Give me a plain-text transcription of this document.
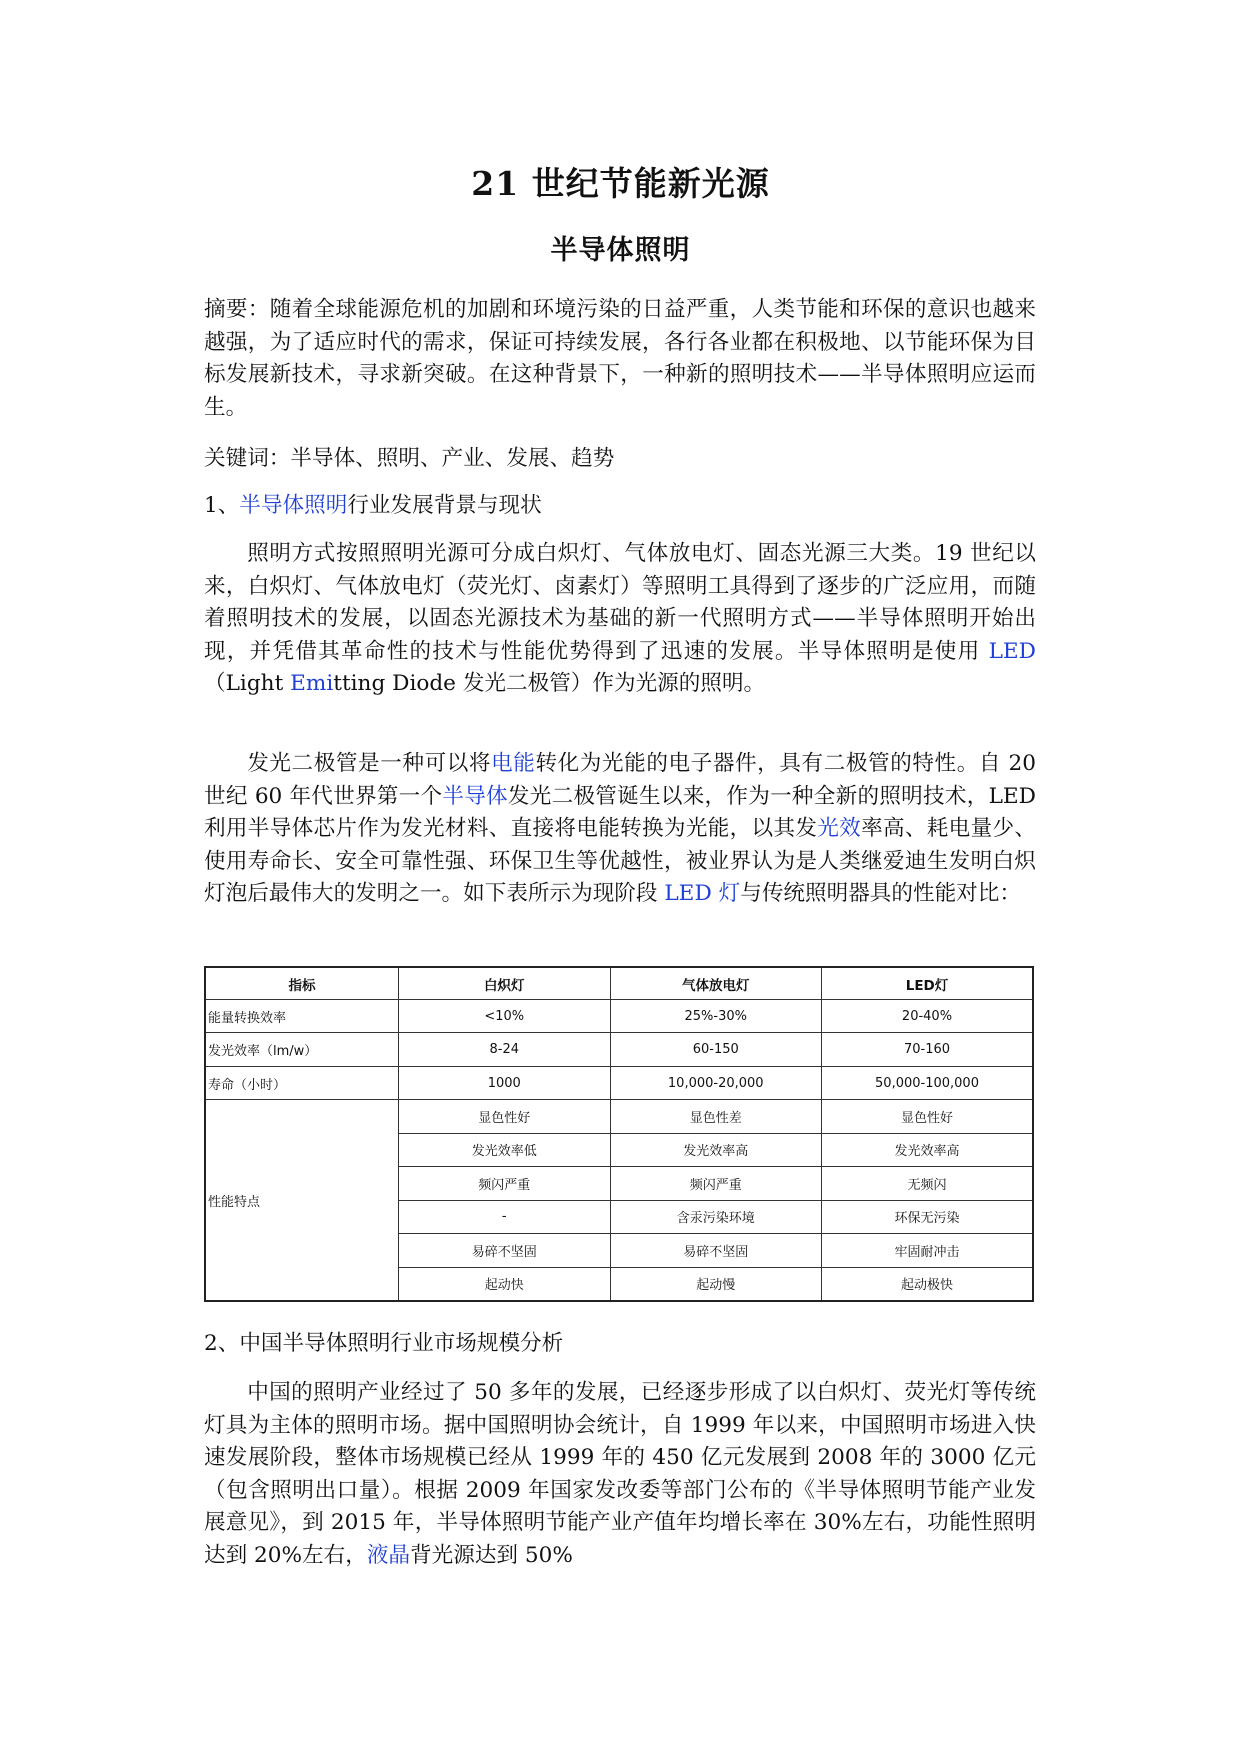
21 世纪节能新光源
半导体照明

摘要：随着全球能源危机的加剧和环境污染的日益严重，人类节能和环保的意识也越来越强，为了适应时代的需求，保证可持续发展，各行各业都在积极地、以节能环保为目标发展新技术，寻求新突破。在这种背景下，一种新的照明技术——半导体照明应运而生。

关键词：半导体、照明、产业、发展、趋势

1、半导体照明行业发展背景与现状

照明方式按照照明光源可分成白炽灯、气体放电灯、固态光源三大类。19 世纪以来，白炽灯、气体放电灯（荧光灯、卤素灯）等照明工具得到了逐步的广泛应用，而随着照明技术的发展，以固态光源技术为基础的新一代照明方式——半导体照明开始出现，并凭借其革命性的技术与性能优势得到了迅速的发展。半导体照明是使用 LED（Light Emitting Diode 发光二极管）作为光源的照明。

发光二极管是一种可以将电能转化为光能的电子器件，具有二极管的特性。自 20 世纪 60 年代世界第一个半导体发光二极管诞生以来，作为一种全新的照明技术，LED 利用半导体芯片作为发光材料、直接将电能转换为光能，以其发光效率高、耗电量少、使用寿命长、安全可靠性强、环保卫生等优越性，被业界认为是人类继爱迪生发明白炽灯泡后最伟大的发明之一。如下表所示为现阶段 LED 灯与传统照明器具的性能对比：

指标	白炽灯	气体放电灯	LED灯
能量转换效率	<10%	25%-30%	20-40%
发光效率（lm/w）	8-24	60-150	70-160
寿命（小时）	1000	10,000-20,000	50,000-100,000
性能特点	显色性好	显色性差	显色性好
	发光效率低	发光效率高	发光效率高
	频闪严重	频闪严重	无频闪
	-	含汞污染环境	环保无污染
	易碎不坚固	易碎不坚固	牢固耐冲击
	起动快	起动慢	起动极快

2、中国半导体照明行业市场规模分析

中国的照明产业经过了 50 多年的发展，已经逐步形成了以白炽灯、荧光灯等传统灯具为主体的照明市场。据中国照明协会统计，自 1999 年以来，中国照明市场进入快速发展阶段，整体市场规模已经从 1999 年的 450 亿元发展到 2008 年的 3000 亿元（包含照明出口量）。根据 2009 年国家发改委等部门公布的《半导体照明节能产业发展意见》，到 2015 年，半导体照明节能产业产值年均增长率在 30%左右，功能性照明达到 20%左右，液晶背光源达到 50%
